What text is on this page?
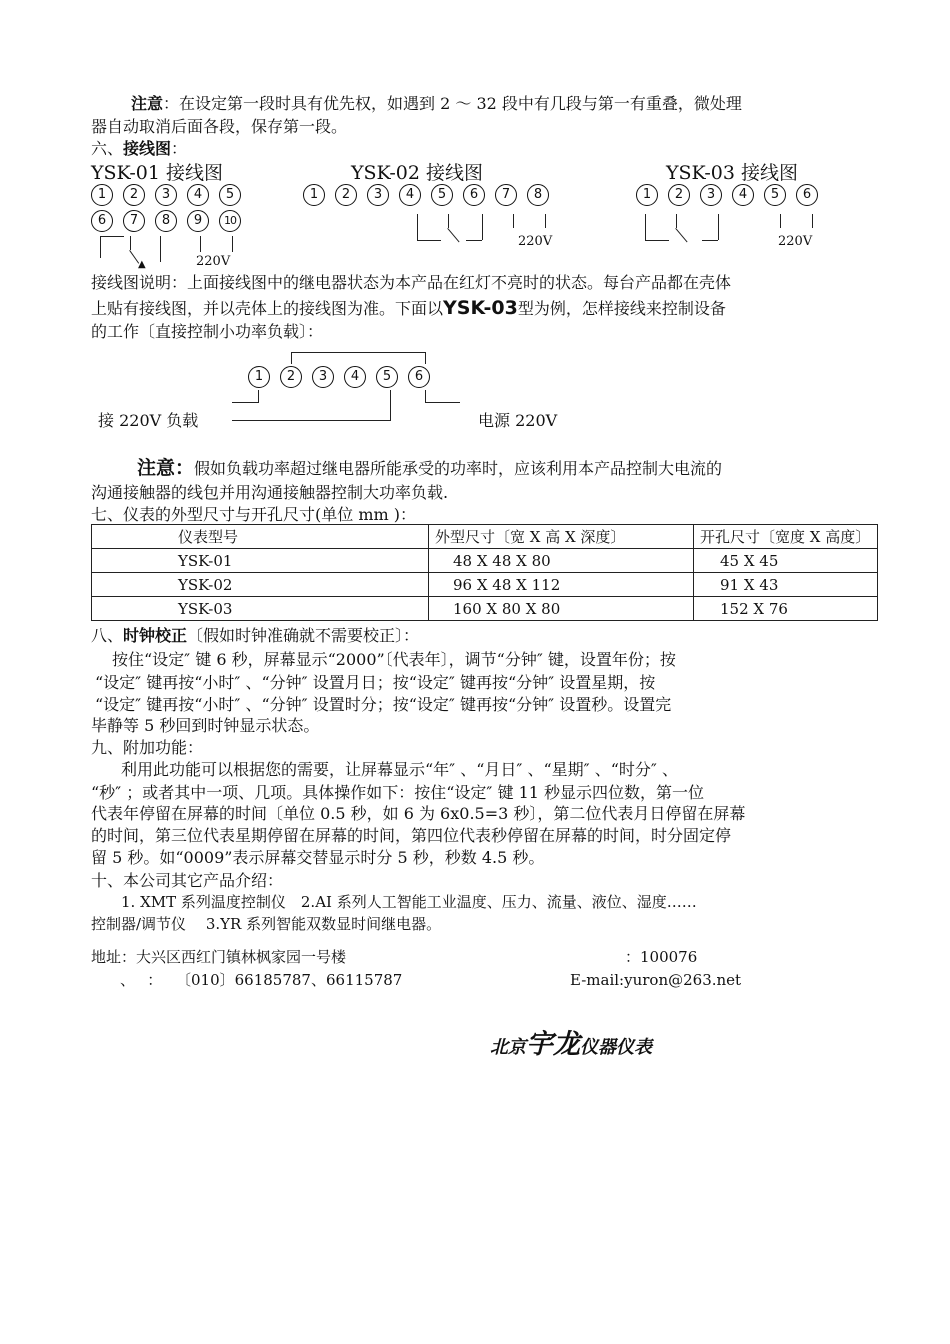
注意：在设定第一段时具有优先权，如遇到 2 ～ 32 段中有几段与第一有重叠，微处理
器自动取消后面各段，保存第一段。
六、接线图：
YSK-01 接线图	YSK-02 接线图	YSK-03 接线图
1 2 3 4 5
6 7 8 9 10
▲	220V
1 2 3 4 5 6 7 8
220V
1 2 3 4 5 6
220V
接线图说明：上面接线图中的继电器状态为本产品在红灯不亮时的状态。每台产品都在壳体
上贴有接线图，并以壳体上的接线图为准。下面以YSK-03型为例，怎样接线来控制设备
的工作〔直接控制小功率负载〕：
1 2 3 4 5 6
接 220V 负载	电源 220V
注意：假如负载功率超过继电器所能承受的功率时，应该利用本产品控制大电流的
沟通接触器的线包并用沟通接触器控制大功率负载.
七、仪表的外型尺寸与开孔尺寸(单位 mm )：
仪表型号	外型尺寸〔宽 X 高 X 深度〕	开孔尺寸〔宽度 X 高度〕
YSK-01	48 X 48 X 80	45 X 45
YSK-02	96 X 48 X 112	91 X 43
YSK-03	160 X 80 X 80	152 X 76
八、时钟校正〔假如时钟准确就不需要校正〕：
按住“设定″ 键 6 秒，屏幕显示“2000”〔代表年〕，调节“分钟″ 键，设置年份；按
“设定″ 键再按“小时″ 、“分钟″ 设置月日；按“设定″ 键再按“分钟″ 设置星期，按
“设定″ 键再按“小时″ 、“分钟″ 设置时分；按“设定″ 键再按“分钟″ 设置秒。设置完
毕静等 5 秒回到时钟显示状态。
九、附加功能：
利用此功能可以根据您的需要，让屏幕显示“年″ 、“月日″ 、“星期″ 、“时分″ 、
“秒″ ；或者其中一项、几项。具体操作如下：按住“设定″ 键 11 秒显示四位数，第一位
代表年停留在屏幕的时间〔单位 0.5 秒，如 6 为 6x0.5=3 秒〕，第二位代表月日停留在屏幕
的时间，第三位代表星期停留在屏幕的时间，第四位代表秒停留在屏幕的时间，时分固定停
留 5 秒。如“0009”表示屏幕交替显示时分 5 秒，秒数 4.5 秒。
十、本公司其它产品介绍：
1. XMT 系列温度控制仪　2.AI 系列人工智能工业温度、压力、流量、液位、湿度……
控制器/调节仪　 3.YR 系列智能双数显时间继电器。
地址：大兴区西红门镇林枫家园一号楼	：100076
、　 ： 〔010〕66185787、66115787	E-mail:yuron@263.net
北京宇龙仪器仪表
